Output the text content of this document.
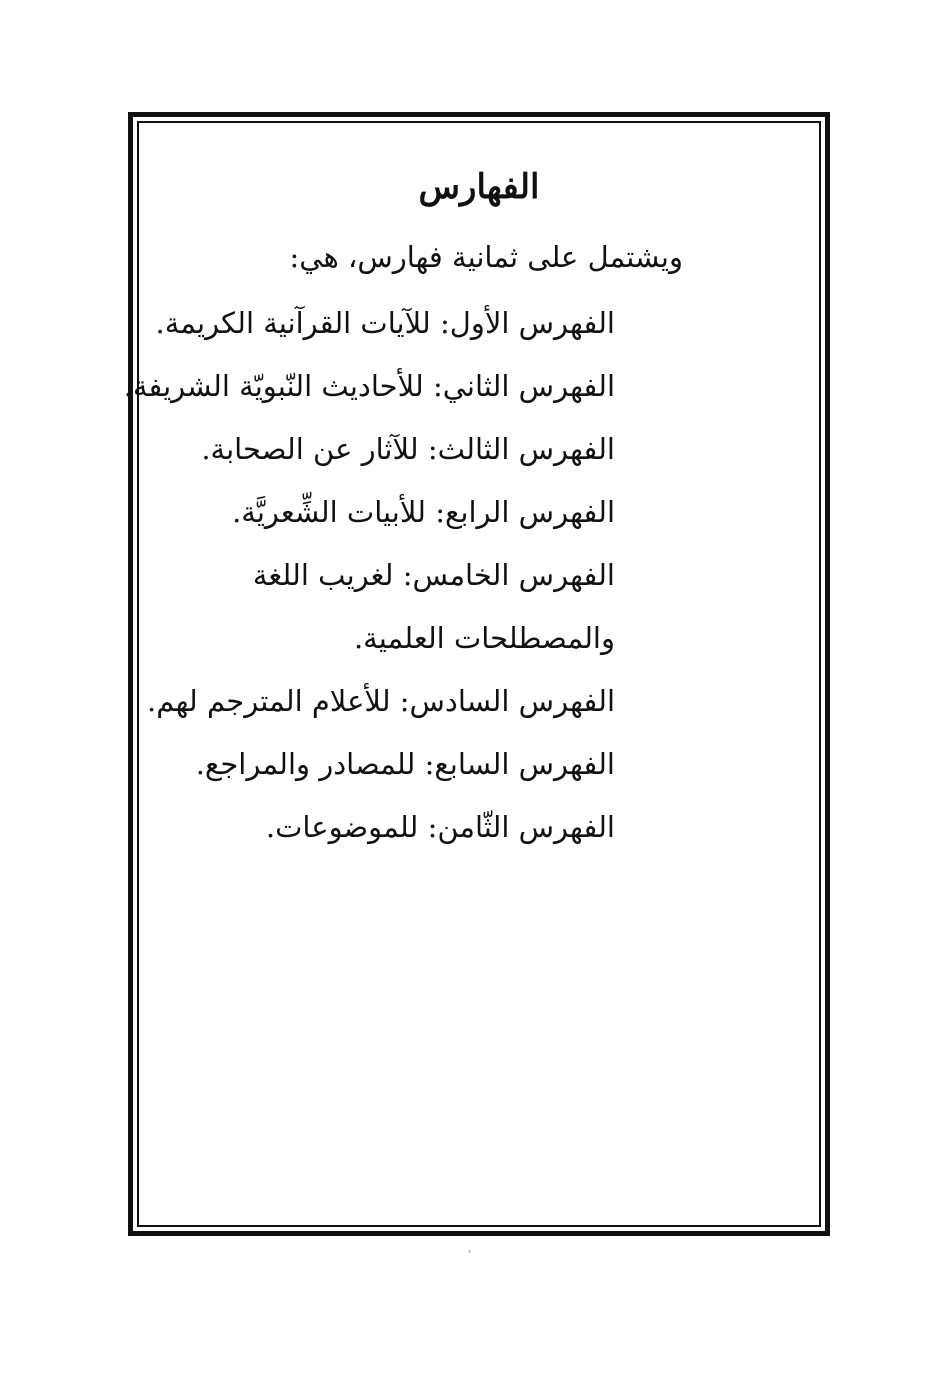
الفهارس

ويشتمل على ثمانية فهارس، هي:

الفهرس الأول: للآيات القرآنية الكريمة.
الفهرس الثاني: للأحاديث النّبويّة الشريفة.
الفهرس الثالث: للآثار عن الصحابة.
الفهرس الرابع: للأبيات الشِّعريَّة.
الفهرس الخامس: لغريب اللغة والمصطلحات العلمية.
الفهرس السادس: للأعلام المترجم لهم.
الفهرس السابع: للمصادر والمراجع.
الفهرس الثّامن: للموضوعات.
